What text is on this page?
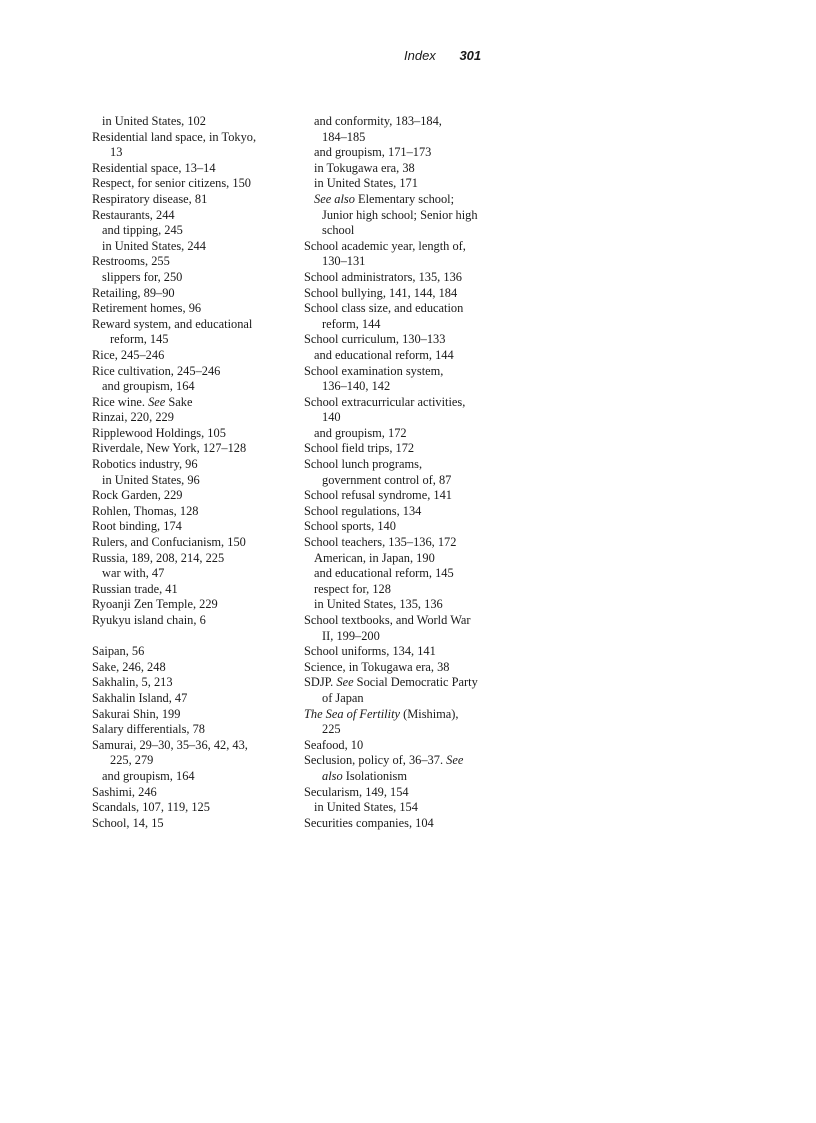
Index 301
in United States, 102
Residential land space, in Tokyo,
13
Residential space, 13–14
Respect, for senior citizens, 150
Respiratory disease, 81
Restaurants, 244
and tipping, 245
in United States, 244
Restrooms, 255
slippers for, 250
Retailing, 89–90
Retirement homes, 96
Reward system, and educational
reform, 145
Rice, 245–246
Rice cultivation, 245–246
and groupism, 164
Rice wine. See Sake
Rinzai, 220, 229
Ripplewood Holdings, 105
Riverdale, New York, 127–128
Robotics industry, 96
in United States, 96
Rock Garden, 229
Rohlen, Thomas, 128
Root binding, 174
Rulers, and Confucianism, 150
Russia, 189, 208, 214, 225
war with, 47
Russian trade, 41
Ryoanji Zen Temple, 229
Ryukyu island chain, 6
Saipan, 56
Sake, 246, 248
Sakhalin, 5, 213
Sakhalin Island, 47
Sakurai Shin, 199
Salary differentials, 78
Samurai, 29–30, 35–36, 42, 43,
225, 279
and groupism, 164
Sashimi, 246
Scandals, 107, 119, 125
School, 14, 15
and conformity, 183–184,
184–185
and groupism, 171–173
in Tokugawa era, 38
in United States, 171
See also Elementary school;
Junior high school; Senior high
school
School academic year, length of,
130–131
School administrators, 135, 136
School bullying, 141, 144, 184
School class size, and education
reform, 144
School curriculum, 130–133
and educational reform, 144
School examination system,
136–140, 142
School extracurricular activities,
140
and groupism, 172
School field trips, 172
School lunch programs,
government control of, 87
School refusal syndrome, 141
School regulations, 134
School sports, 140
School teachers, 135–136, 172
American, in Japan, 190
and educational reform, 145
respect for, 128
in United States, 135, 136
School textbooks, and World War
II, 199–200
School uniforms, 134, 141
Science, in Tokugawa era, 38
SDJP. See Social Democratic Party
of Japan
The Sea of Fertility (Mishima),
225
Seafood, 10
Seclusion, policy of, 36–37. See
also Isolationism
Secularism, 149, 154
in United States, 154
Securities companies, 104
